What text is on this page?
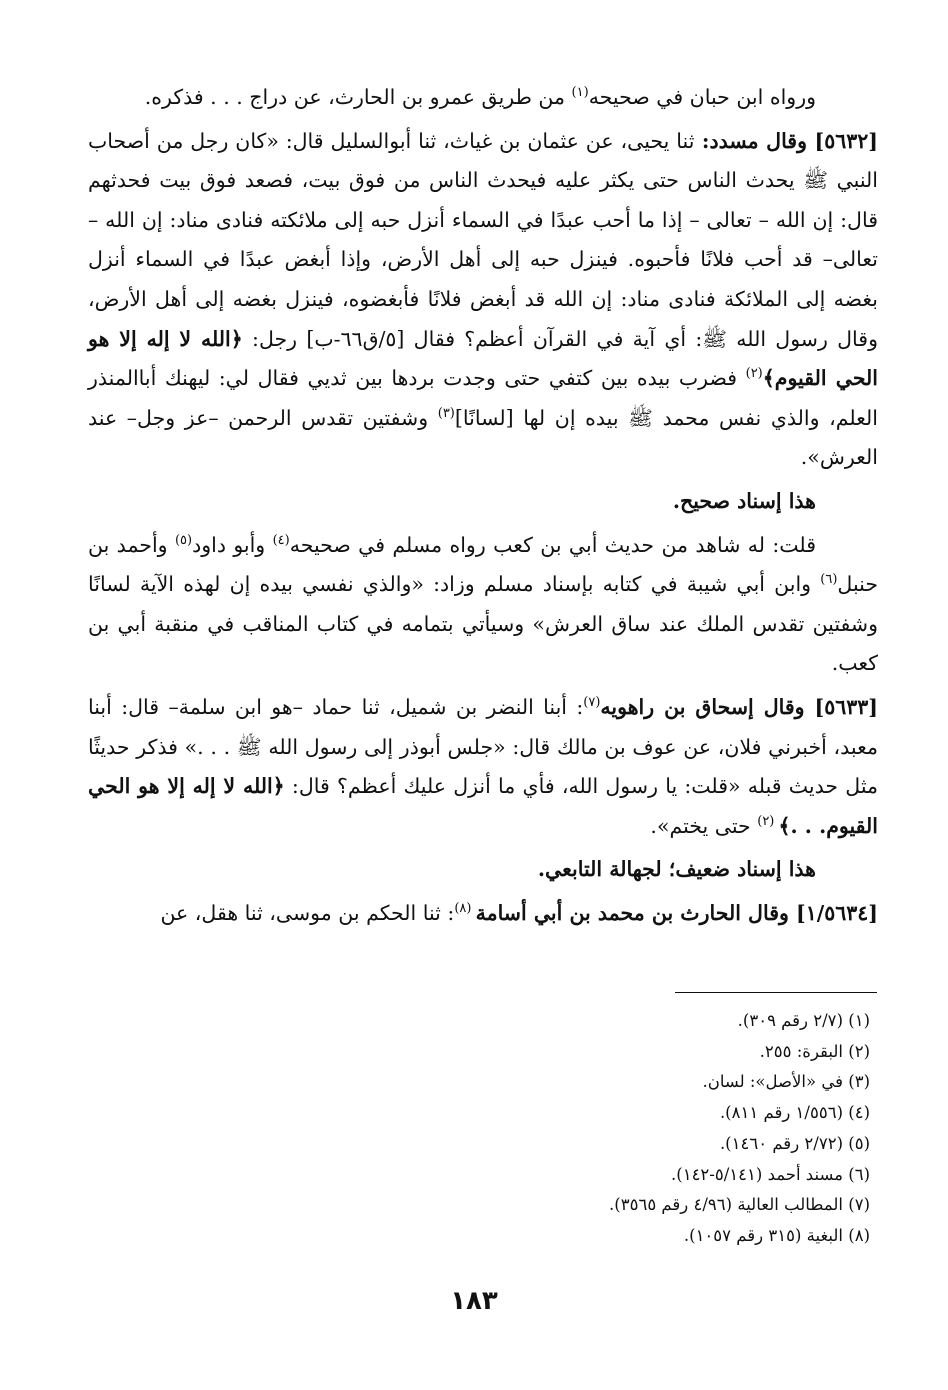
ورواه ابن حبان في صحيحه$^{(١)}$ من طريق عمرو بن الحارث، عن دراج . . . فذكره.

[٥٦٣٢] وقال مسدد: ثنا يحيى، عن عثمان بن غياث، ثنا أبوالسليل قال: «كان رجل من أصحاب النبي ﷺ يحدث الناس حتى يكثر عليه فيحدث الناس من فوق بيت، فصعد فوق بيت فحدثهم قال: إن الله – تعالى – إذا ما أحب عبدًا في السماء أنزل حبه إلى ملائكته فنادى مناد: إن الله –تعالى– قد أحب فلانًا فأحبوه. فينزل حبه إلى أهل الأرض، وإذا أبغض عبدًا في السماء أنزل بغضه إلى الملائكة فنادى مناد: إن الله قد أبغض فلانًا فأبغضوه، فينزل بغضه إلى أهل الأرض، وقال رسول الله ﷺ: أي آية في القرآن أعظم؟ فقال [٥/ق٦٦-ب] رجل: ﴿الله لا إله إلا هو الحي القيوم﴾$^{(٢)}$ فضرب بيده بين كتفي حتى وجدت بردها بين ثديي فقال لي: ليهنك أباالمنذر العلم، والذي نفس محمد ﷺ بيده إن لها [لسانًا]$^{(٣)}$ وشفتين تقدس الرحمن –عز وجل– عند العرش».

هذا إسناد صحيح.

قلت: له شاهد من حديث أبي بن كعب رواه مسلم في صحيحه$^{(٤)}$ وأبو داود$^{(٥)}$ وأحمد بن حنبل$^{(٦)}$ وابن أبي شيبة في كتابه بإسناد مسلم وزاد: «والذي نفسي بيده إن لهذه الآية لسانًا وشفتين تقدس الملك عند ساق العرش» وسيأتي بتمامه في كتاب المناقب في منقبة أبي بن كعب.

[٥٦٣٣] وقال إسحاق بن راهويه$^{(٧)}$: أبنا النضر بن شميل، ثنا حماد –هو ابن سلمة– قال: أبنا معبد، أخبرني فلان، عن عوف بن مالك قال: «جلس أبوذر إلى رسول الله ﷺ . . .» فذكر حديثًا مثل حديث قبله «قلت: يا رسول الله، فأي ما أنزل عليك أعظم؟ قال: ﴿الله لا إله إلا هو الحي القيوم. . .﴾ $^{(٢)}$ حتى يختم».

هذا إسناد ضعيف؛ لجهالة التابعي.

[١/٥٦٣٤] وقال الحارث بن محمد بن أبي أسامة $^{(٨)}$: ثنا الحكم بن موسى، ثنا هقل، عن

(١) (٢/٧ رقم ٣٠٩).
(٢) البقرة: ٢٥٥.
(٣) في «الأصل»: لسان.
(٤) (١/٥٥٦ رقم ٨١١).
(٥) (٢/٧٢ رقم ١٤٦٠).
(٦) مسند أحمد (٥/١٤١-١٤٢).
(٧) المطالب العالية (٤/٩٦ رقم ٣٥٦٥).
(٨) البغية (٣١٥ رقم ١٠٥٧).
١٨٣
